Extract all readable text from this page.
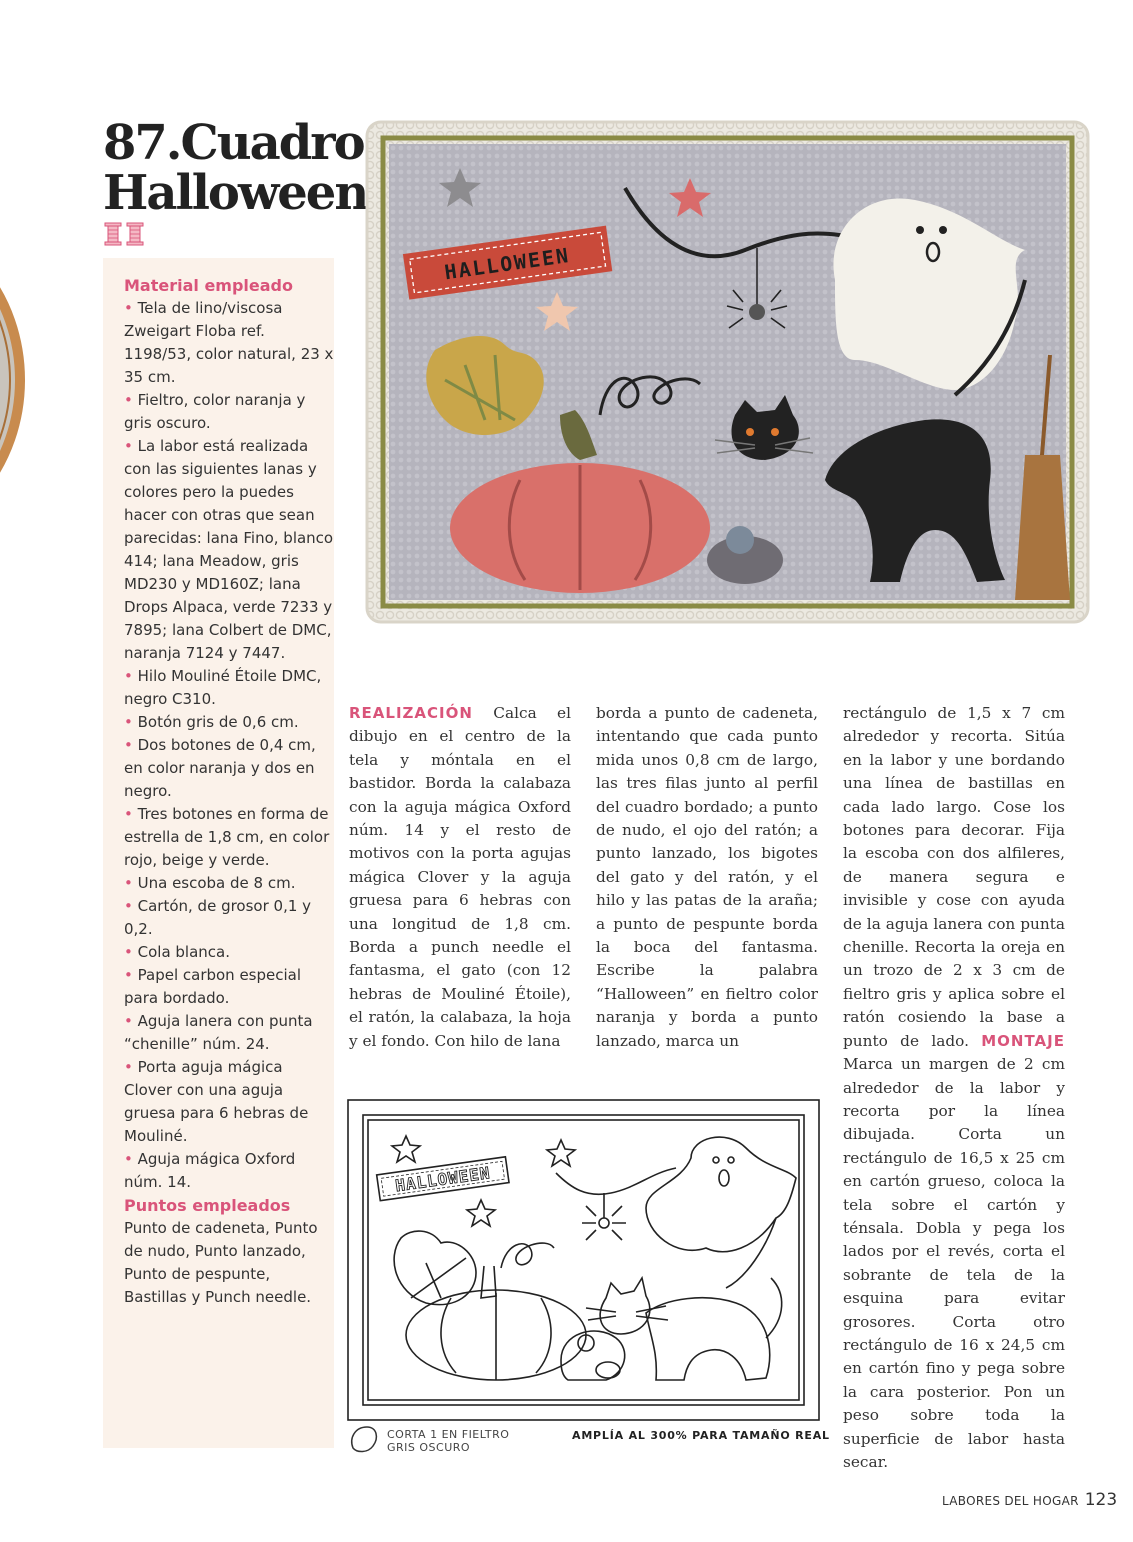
87.Cuadro
Halloween
Material empleado
• Tela de lino/viscosa Zweigart Floba ref. 1198/53, color natural, 23 x 35 cm.
• Fieltro, color naranja y gris oscuro.
• La labor está realizada con las siguientes lanas y colores pero la puedes hacer con otras que sean parecidas: lana Fino, blanco 414; lana Meadow, gris MD230 y MD160Z; lana Drops Alpaca, verde 7233 y 7895; lana Colbert de DMC, naranja 7124 y 7447.
• Hilo Mouliné Étoile DMC, negro C310.
• Botón gris de 0,6 cm.
• Dos botones de 0,4 cm, en color naranja y dos en negro.
• Tres botones en forma de estrella de 1,8 cm, en color rojo, beige y verde.
• Una escoba de 8 cm.
• Cartón, de grosor 0,1 y 0,2.
• Cola blanca.
• Papel carbon especial para bordado.
• Aguja lanera con punta “chenille” núm. 24.
• Porta aguja mágica Clover con una aguja gruesa para 6 hebras de Mouliné.
• Aguja mágica Oxford núm. 14.
Puntos empleados
Punto de cadeneta, Punto de nudo, Punto lanzado, Punto de pespunte, Bastillas y Punch needle.
HALLOWEEN
REALIZACIÓN Calca el dibujo en el centro de la tela y móntala en el bastidor. Borda la calabaza con la aguja mágica Oxford núm. 14 y el resto de motivos con la porta agujas mágica Clover y la aguja gruesa para 6 hebras con una longitud de 1,8 cm. Borda a punch needle el fantasma, el gato (con 12 hebras de Mouliné Étoile), el ratón, la calabaza, la hoja y el fondo. Con hilo de lana
borda a punto de cadeneta, intentando que cada punto mida unos 0,8 cm de largo, las tres filas junto al perfil del cuadro bordado; a punto de nudo, el ojo del ratón; a punto lanzado, los bigotes del gato y del ratón, y el hilo y las patas de la araña; a punto de pespunte borda la boca del fantasma. Escribe la palabra “Halloween” en fieltro color naranja y borda a punto lanzado, marca un
rectángulo de 1,5 x 7 cm alrededor y recorta. Sitúa en la labor y une bordando una línea de bastillas en cada lado largo. Cose los botones para decorar. Fija la escoba con dos alfileres, de manera segura e invisible y cose con ayuda de la aguja lanera con punta chenille. Recorta la oreja en un trozo de 2 x 3 cm de fieltro gris y aplica sobre el ratón cosiendo la base a punto de lado. MONTAJE Marca un margen de 2 cm alrededor de la labor y recorta por la línea dibujada. Corta un rectángulo de 16,5 x 25 cm en cartón grueso, coloca la tela sobre el cartón y ténsala. Dobla y pega los lados por el revés, corta el sobrante de tela de la esquina para evitar grosores. Corta otro rectángulo de 16 x 24,5 cm en cartón fino y pega sobre la cara posterior. Pon un peso sobre toda la superficie de labor hasta secar.
HALLOWEEN
CORTA 1 EN FIELTRO
GRIS OSCURO
AMPLÍA AL 300% PARA TAMAÑO REAL
LABORES DEL HOGAR 123
